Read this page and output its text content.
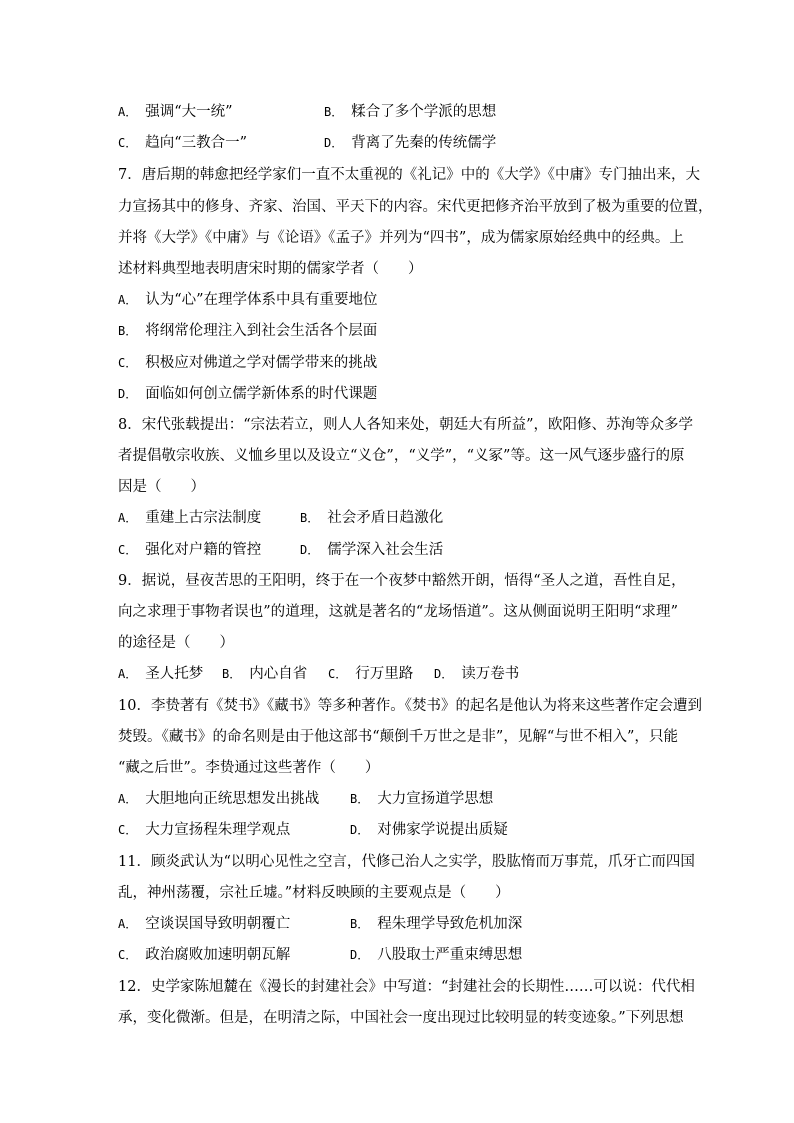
A． 强调“大一统”	B． 糅合了多个学派的思想
C． 趋向“三教合一”	D． 背离了先秦的传统儒学
7．唐后期的韩愈把经学家们一直不太重视的《礼记》中的《大学》《中庸》专门抽出来，大
力宣扬其中的修身、齐家、治国、平天下的内容。宋代更把修齐治平放到了极为重要的位置，
并将《大学》《中庸》与《论语》《孟子》并列为“四书”，成为儒家原始经典中的经典。上
述材料典型地表明唐宋时期的儒家学者（　　）
A． 认为“心”在理学体系中具有重要地位
B． 将纲常伦理注入到社会生活各个层面
C． 积极应对佛道之学对儒学带来的挑战
D． 面临如何创立儒学新体系的时代课题
8．宋代张载提出：“宗法若立，则人人各知来处，朝廷大有所益”，欧阳修、苏洵等众多学
者提倡敬宗收族、义恤乡里以及设立“义仓”，“义学”，“义冢”等。这一风气逐步盛行的原
因是（　　）
A． 重建上古宗法制度	B． 社会矛盾日趋激化
C． 强化对户籍的管控	D． 儒学深入社会生活
9．据说，昼夜苦思的王阳明，终于在一个夜梦中豁然开朗，悟得“圣人之道，吾性自足，
向之求理于事物者误也”的道理，这就是著名的“龙场悟道”。这从侧面说明王阳明“求理”
的途径是（　　）
A． 圣人托梦 B． 内心自省 C． 行万里路 D． 读万卷书
10．李贽著有《焚书》《藏书》等多种著作。《焚书》的起名是他认为将来这些著作定会遭到
焚毁。《藏书》的命名则是由于他这部书“颠倒千万世之是非”，见解“与世不相入”，只能
“藏之后世”。李贽通过这些著作（　　）
A． 大胆地向正统思想发出挑战	B． 大力宣扬道学思想
C． 大力宣扬程朱理学观点	D． 对佛家学说提出质疑
11．顾炎武认为“以明心见性之空言，代修己治人之实学，股肱惰而万事荒，爪牙亡而四国
乱，神州荡覆，宗社丘墟。”材料反映顾的主要观点是（　　）
A． 空谈误国导致明朝覆亡	B． 程朱理学导致危机加深
C． 政治腐败加速明朝瓦解	D． 八股取士严重束缚思想
12．史学家陈旭麓在《漫长的封建社会》中写道：“封建社会的长期性……可以说：代代相
承，变化微渐。但是，在明清之际，中国社会一度出现过比较明显的转变迹象。”下列思想
